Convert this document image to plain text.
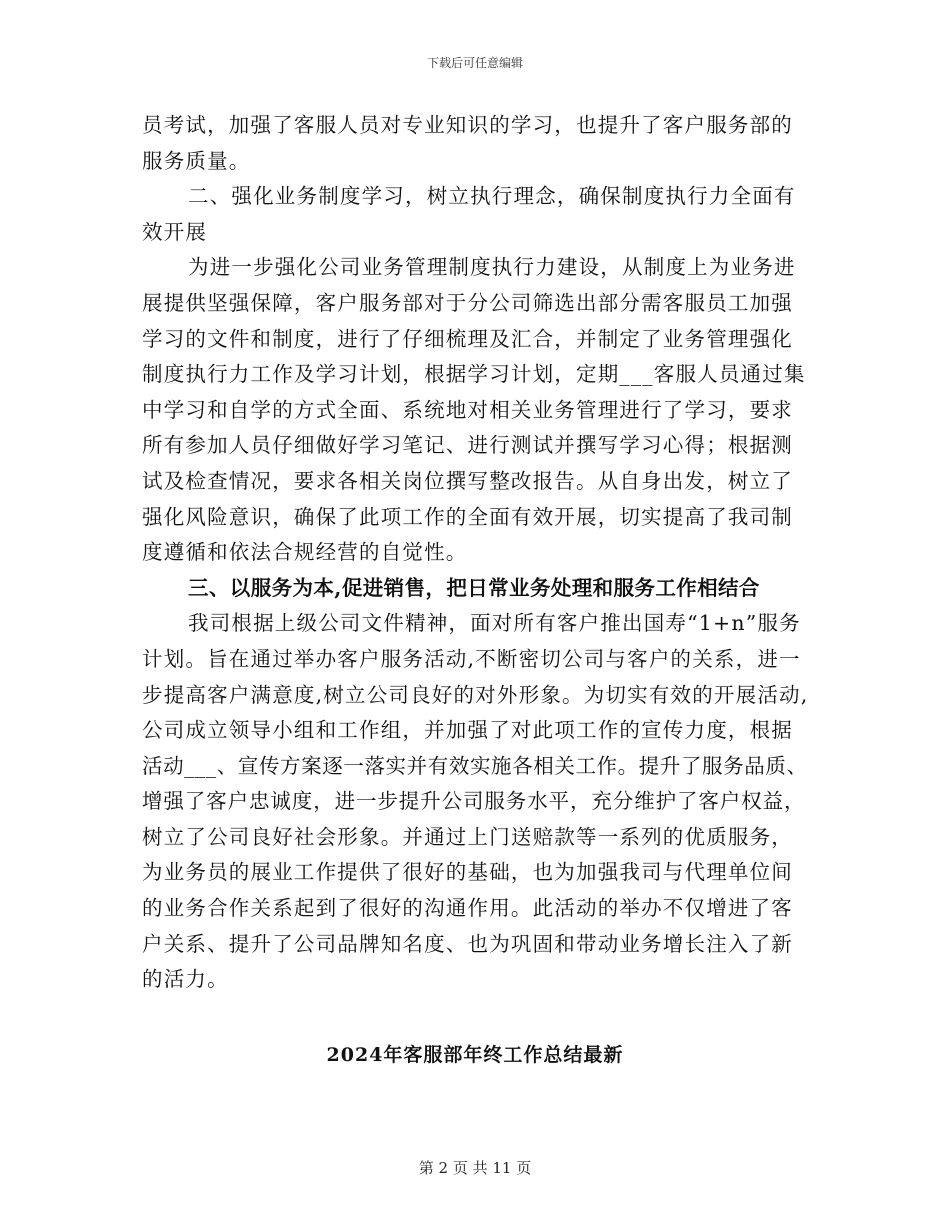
下载后可任意编辑
员考试，加强了客服人员对专业知识的学习，也提升了客户服务部的
服务质量。
二、强化业务制度学习，树立执行理念，确保制度执行力全面有
效开展
为进一步强化公司业务管理制度执行力建设，从制度上为业务进
展提供坚强保障，客户服务部对于分公司筛选出部分需客服员工加强
学习的文件和制度，进行了仔细梳理及汇合，并制定了业务管理强化
制度执行力工作及学习计划，根据学习计划，定期___客服人员通过集
中学习和自学的方式全面、系统地对相关业务管理进行了学习，要求
所有参加人员仔细做好学习笔记、进行测试并撰写学习心得；根据测
试及检查情况，要求各相关岗位撰写整改报告。从自身出发，树立了
强化风险意识，确保了此项工作的全面有效开展，切实提高了我司制
度遵循和依法合规经营的自觉性。
三、以服务为本,促进销售，把日常业务处理和服务工作相结合
我司根据上级公司文件精神，面对所有客户推出国寿“1+n”服务
计划。旨在通过举办客户服务活动,不断密切公司与客户的关系，进一
步提高客户满意度,树立公司良好的对外形象。为切实有效的开展活动,
公司成立领导小组和工作组，并加强了对此项工作的宣传力度，根据
活动___、宣传方案逐一落实并有效实施各相关工作。提升了服务品质、
增强了客户忠诚度，进一步提升公司服务水平，充分维护了客户权益，
树立了公司良好社会形象。并通过上门送赔款等一系列的优质服务，
为业务员的展业工作提供了很好的基础，也为加强我司与代理单位间
的业务合作关系起到了很好的沟通作用。此活动的举办不仅增进了客
户关系、提升了公司品牌知名度、也为巩固和带动业务增长注入了新
的活力。
2024年客服部年终工作总结最新
第 2 页 共 11 页
